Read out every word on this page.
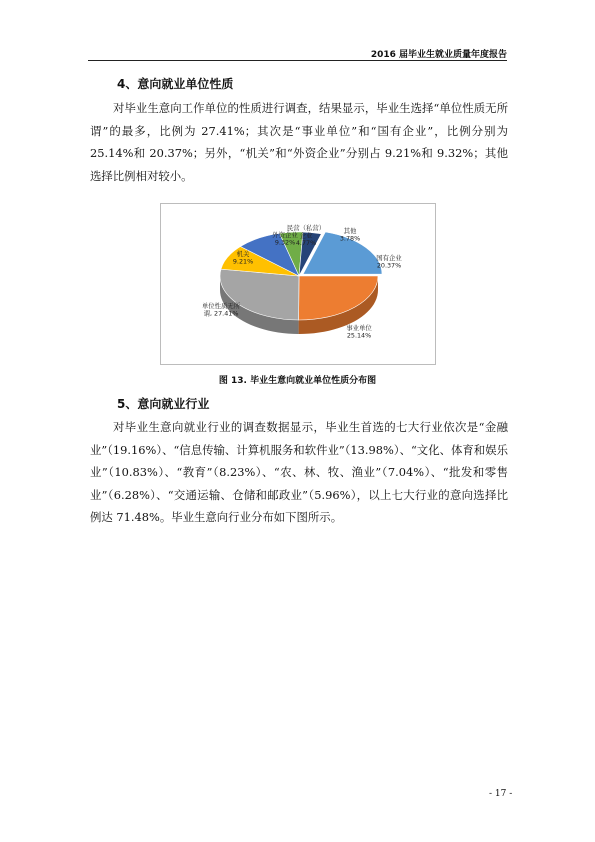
2016 届毕业生就业质量年度报告
4、意向就业单位性质

对毕业生意向工作单位的性质进行调查，结果显示，毕业生选择“单位性质无所谓”的最多，比例为 27.41%；其次是“事业单位”和“国有企业”，比例分别为 25.14%和 20.37%；另外，“机关”和“外资企业”分别占 9.21%和 9.32%；其他选择比例相对较小。

民营（私营）企业 4.77%
其他 3.78%
国有企业 20.37%
事业单位 25.14%
单位性质无所谓, 27.41%
机关 9.21%
外资企业 9.32%
图 13. 毕业生意向就业单位性质分布图
5、意向就业行业

对毕业生意向就业行业的调查数据显示，毕业生首选的七大行业依次是“金融业”（19.16%）、“信息传输、计算机服务和软件业”（13.98%）、“文化、体育和娱乐业”（10.83%）、“教育”（8.23%）、“农、林、牧、渔业”（7.04%）、“批发和零售业”（6.28%）、“交通运输、仓储和邮政业”（5.96%），以上七大行业的意向选择比例达 71.48%。毕业生意向行业分布如下图所示。

- 17 -
